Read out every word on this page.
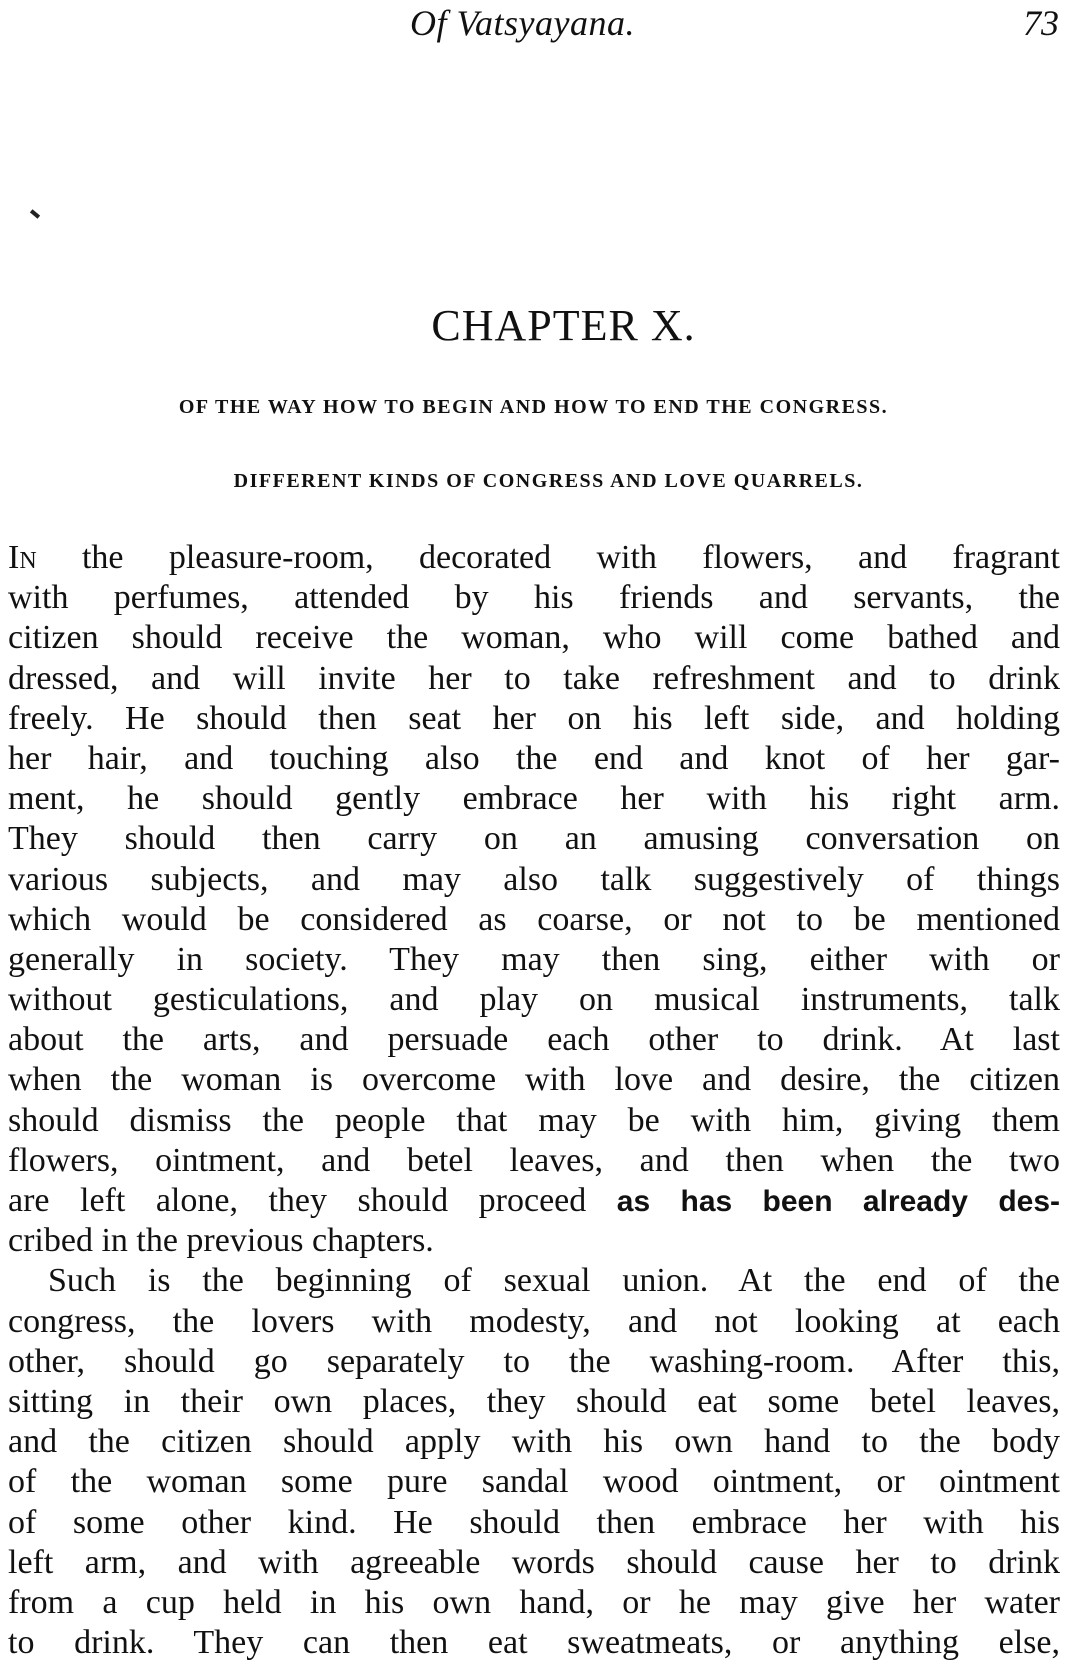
Of Vatsyayana.	73
CHAPTER X.
OF THE WAY HOW TO BEGIN AND HOW TO END THE CONGRESS.
DIFFERENT KINDS OF CONGRESS AND LOVE QUARRELS.
In the pleasure-room, decorated with flowers, and fragrant
with perfumes, attended by his friends and servants, the
citizen should receive the woman, who will come bathed and
dressed, and will invite her to take refreshment and to drink
freely. He should then seat her on his left side, and holding
her hair, and touching also the end and knot of her gar-
ment, he should gently embrace her with his right arm.
They should then carry on an amusing conversation on
various subjects, and may also talk suggestively of things
which would be considered as coarse, or not to be mentioned
generally in society. They may then sing, either with or
without gesticulations, and play on musical instruments, talk
about the arts, and persuade each other to drink. At last
when the woman is overcome with love and desire, the citizen
should dismiss the people that may be with him, giving them
flowers, ointment, and betel leaves, and then when the two
are left alone, they should proceed as has been already des-
cribed in the previous chapters.
Such is the beginning of sexual union. At the end of the
congress, the lovers with modesty, and not looking at each
other, should go separately to the washing-room. After this,
sitting in their own places, they should eat some betel leaves,
and the citizen should apply with his own hand to the body
of the woman some pure sandal wood ointment, or ointment
of some other kind. He should then embrace her with his
left arm, and with agreeable words should cause her to drink
from a cup held in his own hand, or he may give her water
to drink. They can then eat sweatmeats, or anything else,
